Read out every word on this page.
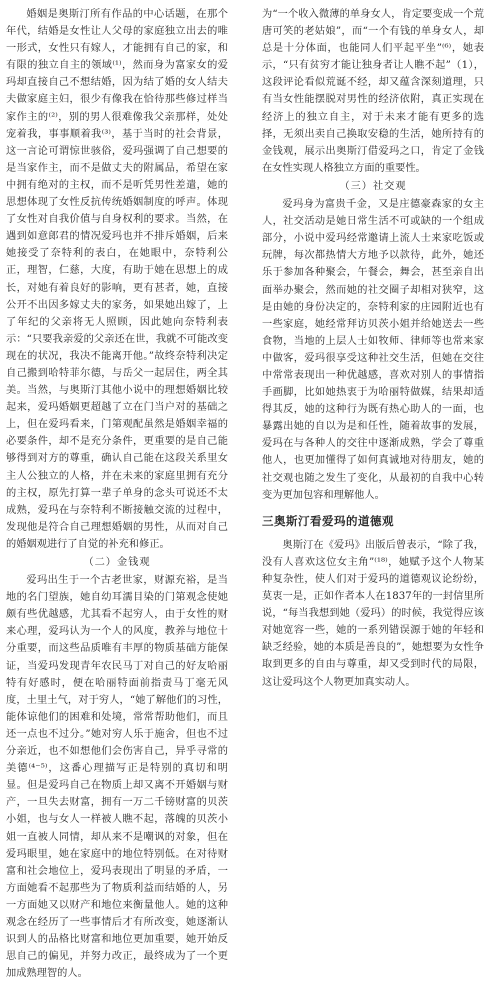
婚姻是奥斯汀所有作品的中心话题，在那个年代，结婚是女性让人父母的家庭独立出去的唯一形式，女性只有嫁人，才能拥有自己的家，和有限的独立自主的领域⁽¹⁾，然而身为富家女的爱玛却直接自己不想结婚，因为结了婚的女人结夫夫做家庭主妇，很少有像我在恰待那些修过样当家作主的⁽²⁾，别的男人很难像我父亲那样，处处宠着我，事事顺着我⁽³⁾，基于当时的社会背景，这一言论可谓惊世骇俗，爱玛强调了自己想要的是当家作主，而不是做丈夫的附属品，希望在家中拥有绝对的主权，而不是听凭男性差遣，她的思想体现了女性反抗传统婚姻制度的呼声。体现了女性对自我价值与自身权利的要求。当然，在遇到如意郎君的情况爱玛也并不排斥婚姻，后来她接受了奈特利的表白，在她眼中，奈特利公正，理智，仁慈，大度，有助于她在思想上的成长，对她有着良好的影响，更有甚者，她，直接公开不出因多嫁丈夫的家务，如果她出嫁了，上了年纪的父亲将无人照顾，因此她向奈特利表示：“只要我亲爱的父亲还在世，我就不可能改变现在的状况，我决不能离开他。”故终奈特利决定自己搬到哈特菲尔德，与岳父一起居住，两全其美。当然，与奥斯汀其他小说中的理想婚姻比较起来，爱玛婚姻更超越了立在门当户对的基础之上，但在爱玛看来，门第观配虽然是婚姻幸福的必要条件，却不是充分条件，更重要的是自己能够得到对方的尊重，确认自己能在这段关系里女主人公独立的人格，并在未来的家庭里拥有充分的主权，原先打算一辈子单身的念头可说还不太成熟，爱玛在与奈特利不断接触交流的过程中，发现他是符合自己理想婚姻的男性，从而对自己的婚姻观进行了自觉的补充和修正。

（二）金钱观

爱玛出生于一个古老世家，财源充裕，是当地的名门望族，她自幼耳濡目染的门第观念使她颇有些优越感，尤其看不起穷人，由于女性的财来心理，爱玛认为一个人的风度，教养与地位十分重要，而这些品质唯有丰厚的物质基础方能保证，当爱玛发现青年农民马丁对自己的好友哈丽特有好感时，便在哈丽特面前指责马丁毫无风度，土里土气，对于穷人，“她了解他们的习性，能体谅他们的困难和处境，常常帮助他们，而且还一点也不过分。”她对穷人乐于施舍，但也不过分亲近，也不如想他们会伤害自己，异乎寻常的美德⁽⁴⁻⁵⁾，这番心理描写正是特别的真切和明显。但是爱玛自己在物质上却又离不开婚姻与财产，一旦失去财富，拥有一万二千镑财富的贝茨小姐，也与女人一样被人瞧不起，落魄的贝茨小姐一直被人同情，却从来不是嘲讽的对象，但在爱玛眼里，她在家庭中的地位特别低。在对待财富和社会地位上，爱玛表现出了明显的矛盾，一方面她看不起那些为了物质利益而结婚的人，另一方面她又以财产和地位来衡量他人。她的这种观念在经历了一些事情后才有所改变，她逐渐认识到人的品格比财富和地位更加重要，她开始反思自己的偏见，并努力改正，最终成为了一个更加成熟理智的人。

为“一个收入微薄的单身女人，肯定要变成一个荒唐可笑的老姑娘”，而“一个有钱的单身女人，却总是十分体面，也能同人们平起平坐”⁽⁶⁾，她表示，“只有贫穷才能让独身者让人瞧不起”（1），这段评论看似荒诞不经，却又蕴含深刻道理，只有当女性能摆脱对男性的经济依附，真正实现在经济上的独立自主，对于未来才能有更多的选择，无须出卖自己换取安稳的生活，她所持有的金钱观，展示出奥斯汀借爱玛之口，肯定了金钱在女性实现人格独立方面的重要性。

（三）社交观

爱玛身为富贵千金，又是庄德豪森家的女主人，社交活动是她日常生活不可或缺的一个组成部分，小说中爱玛经常邀请上流人士来家吃饭或玩牌，每次都热情大方地予以款待，此外，她还乐于参加各种聚会，午餐会，舞会，甚至亲自出面举办聚会，然而她的社交圈子却相对狭窄，这是由她的身份决定的，奈特利家的庄园附近也有一些家庭，她经常拜访贝茨小姐并给她送去一些食物，当地的上层人士如牧师、律师等也常来家中做客，爱玛很享受这种社交生活，但她在交往中常常表现出一种优越感，喜欢对别人的事情指手画脚，比如她热衷于为哈丽特做媒，结果却适得其反，她的这种行为既有热心助人的一面，也暴露出她的自以为是和任性，随着故事的发展，爱玛在与各种人的交往中逐渐成熟，学会了尊重他人，也更加懂得了如何真诚地对待朋友，她的社交观也随之发生了变化，从最初的自我中心转变为更加包容和理解他人。

三奥斯汀看爱玛的道德观

奥斯汀在《爱玛》出版后曾表示，“除了我，没有人喜欢这位女主角”⁽¹⁸⁾，她赋予这个人物某种复杂性，使人们对于爱玛的道德观议论纷纷，莫衷一是，正如作者本人在1837年的一封信里所说，“每当我想到她（爱玛）的时候，我觉得应该对她宽容一些，她的一系列错误源于她的年轻和缺乏经验，她的本质是善良的”，她想要为女性争取到更多的自由与尊重，却又受到时代的局限，这让爱玛这个人物更加真实动人。
